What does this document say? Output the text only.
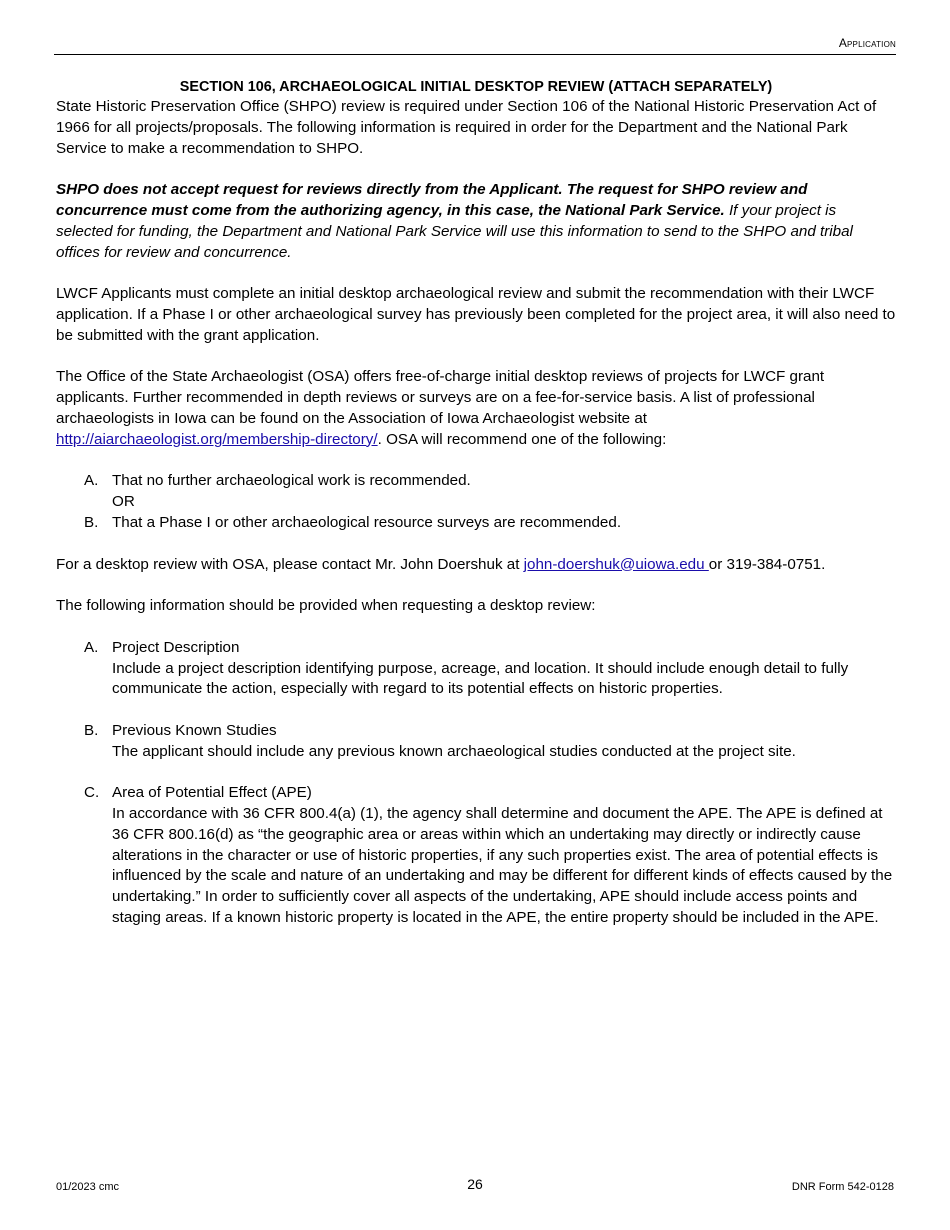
Application
SECTION 106, ARCHAEOLOGICAL INITIAL DESKTOP REVIEW (ATTACH SEPARATELY)

State Historic Preservation Office (SHPO) review is required under Section 106 of the National Historic Preservation Act of 1966 for all projects/proposals. The following information is required in order for the Department and the National Park Service to make a recommendation to SHPO.

SHPO does not accept request for reviews directly from the Applicant. The request for SHPO review and concurrence must come from the authorizing agency, in this case, the National Park Service. If your project is selected for funding, the Department and National Park Service will use this information to send to the SHPO and tribal offices for review and concurrence.

LWCF Applicants must complete an initial desktop archaeological review and submit the recommendation with their LWCF application. If a Phase I or other archaeological survey has previously been completed for the project area, it will also need to be submitted with the grant application.

The Office of the State Archaeologist (OSA) offers free-of-charge initial desktop reviews of projects for LWCF grant applicants. Further recommended in depth reviews or surveys are on a fee-for-service basis. A list of professional archaeologists in Iowa can be found on the Association of Iowa Archaeologist website at http://aiarchaeologist.org/membership-directory/. OSA will recommend one of the following:

A. That no further archaeological work is recommended.
OR
B. That a Phase I or other archaeological resource surveys are recommended.

For a desktop review with OSA, please contact Mr. John Doershuk at john-doershuk@uiowa.edu or 319-384-0751.

The following information should be provided when requesting a desktop review:

A. Project Description
Include a project description identifying purpose, acreage, and location. It should include enough detail to fully communicate the action, especially with regard to its potential effects on historic properties.
B. Previous Known Studies
The applicant should include any previous known archaeological studies conducted at the project site.
C. Area of Potential Effect (APE)
In accordance with 36 CFR 800.4(a) (1), the agency shall determine and document the APE. The APE is defined at 36 CFR 800.16(d) as “the geographic area or areas within which an undertaking may directly or indirectly cause alterations in the character or use of historic properties, if any such properties exist. The area of potential effects is influenced by the scale and nature of an undertaking and may be different for different kinds of effects caused by the undertaking.” In order to sufficiently cover all aspects of the undertaking, APE should include access points and staging areas. If a known historic property is located in the APE, the entire property should be included in the APE.
01/2023 cmc	26	DNR Form 542-0128
